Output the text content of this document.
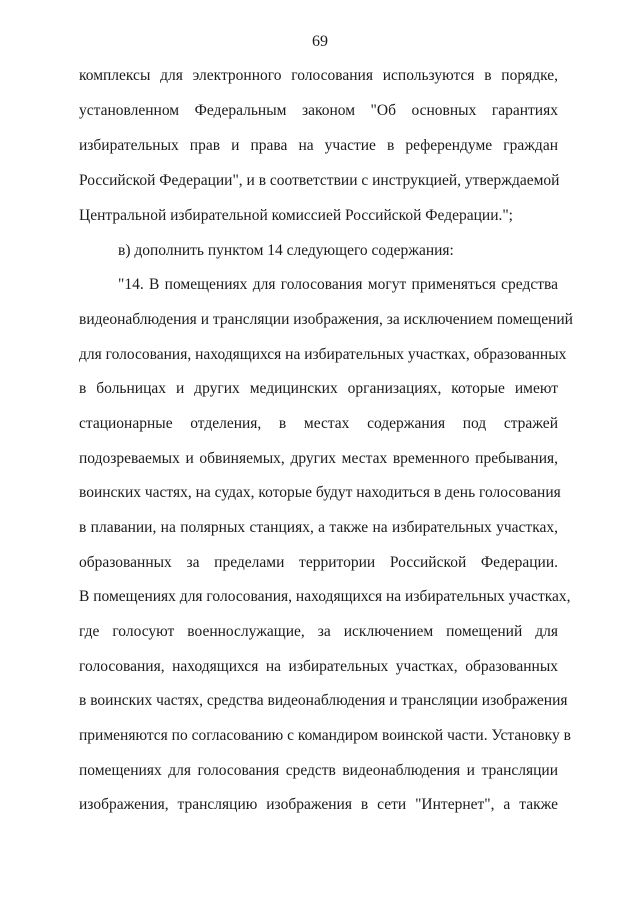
69
комплексы для электронного голосования используются в порядке,
установленном Федеральным законом "Об основных гарантиях
избирательных прав и права на участие в референдуме граждан
Российской Федерации", и в соответствии с инструкцией, утверждаемой
Центральной избирательной комиссией Российской Федерации.";
в) дополнить пунктом 14 следующего содержания:
"14. В помещениях для голосования могут применяться средства
видеонаблюдения и трансляции изображения, за исключением помещений
для голосования, находящихся на избирательных участках, образованных
в больницах и других медицинских организациях, которые имеют
стационарные отделения, в местах содержания под стражей
подозреваемых и обвиняемых, других местах временного пребывания,
воинских частях, на судах, которые будут находиться в день голосования
в плавании, на полярных станциях, а также на избирательных участках,
образованных за пределами территории Российской Федерации.
В помещениях для голосования, находящихся на избирательных участках,
где голосуют военнослужащие, за исключением помещений для
голосования, находящихся на избирательных участках, образованных
в воинских частях, средства видеонаблюдения и трансляции изображения
применяются по согласованию с командиром воинской части. Установку в
помещениях для голосования средств видеонаблюдения и трансляции
изображения, трансляцию изображения в сети "Интернет", а также
